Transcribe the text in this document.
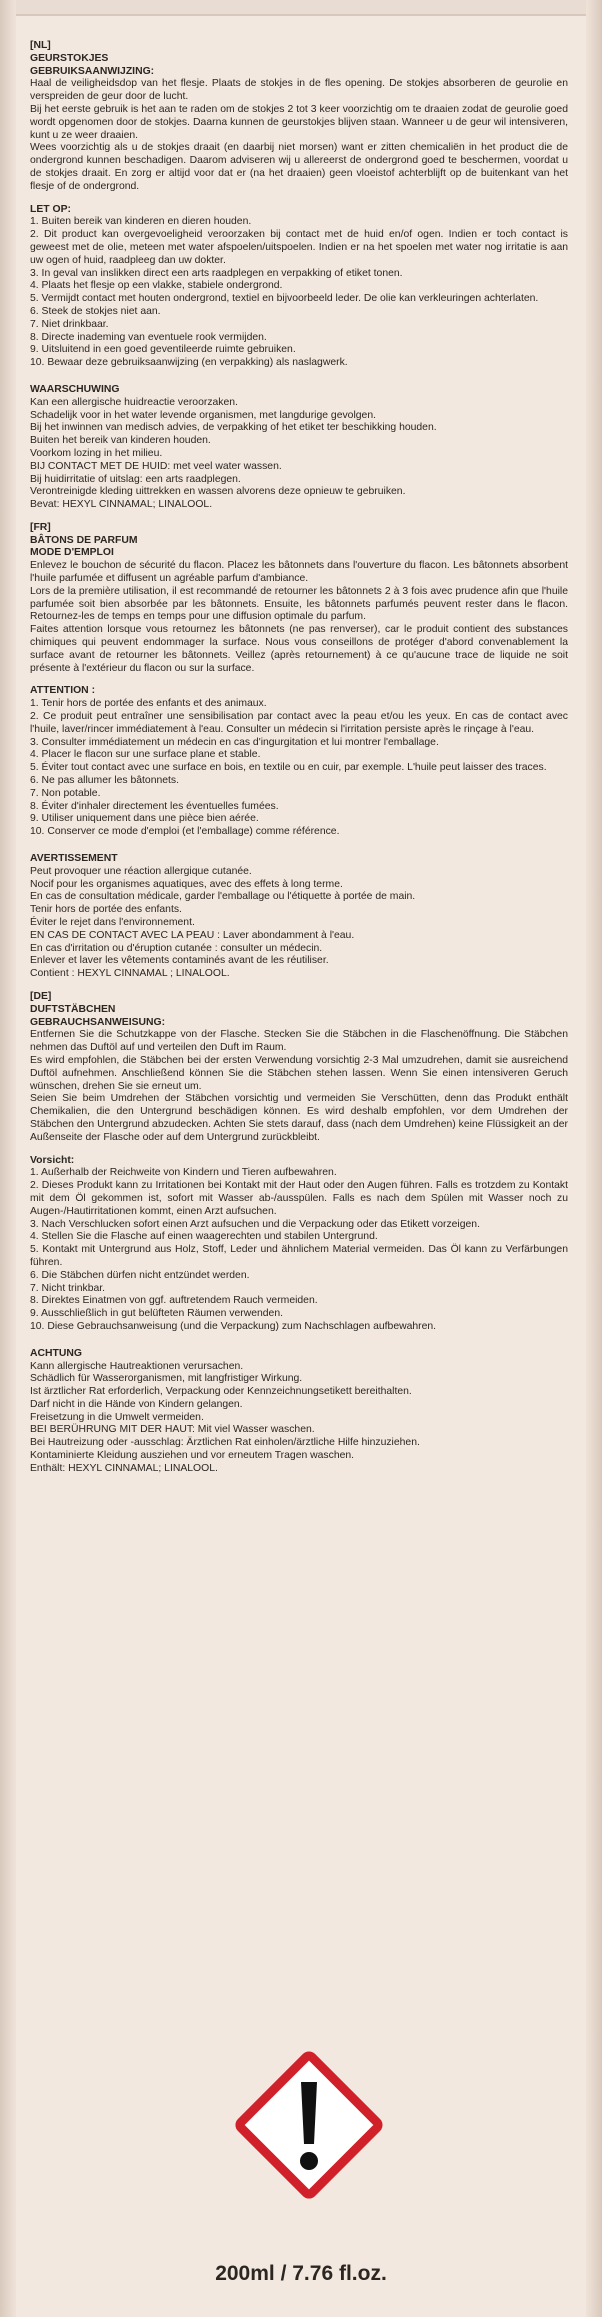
[NL]
GEURSTOKJES
GEBRUIKSAANWIJZING:

Haal de veiligheidsdop van het flesje. Plaats de stokjes in de fles opening. De stokjes absorberen de geurolie en verspreiden de geur door de lucht.

Bij het eerste gebruik is het aan te raden om de stokjes 2 tot 3 keer voorzichtig om te draaien zodat de geurolie goed wordt opgenomen door de stokjes. Daarna kunnen de geurstokjes blijven staan. Wanneer u de geur wil intensiveren, kunt u ze weer draaien.

Wees voorzichtig als u de stokjes draait (en daarbij niet morsen) want er zitten chemicaliën in het product die de ondergrond kunnen beschadigen. Daarom adviseren wij u allereerst de ondergrond goed te beschermen, voordat u de stokjes draait. En zorg er altijd voor dat er (na het draaien) geen vloeistof achterblijft op de buitenkant van het flesje of de ondergrond.

LET OP:

1. Buiten bereik van kinderen en dieren houden.

2. Dit product kan overgevoeligheid veroorzaken bij contact met de huid en/of ogen. Indien er toch contact is geweest met de olie, meteen met water afspoelen/uitspoelen. Indien er na het spoelen met water nog irritatie is aan uw ogen of huid, raadpleeg dan uw dokter.

3. In geval van inslikken direct een arts raadplegen en verpakking of etiket tonen.

4. Plaats het flesje op een vlakke, stabiele ondergrond.

5. Vermijdt contact met houten ondergrond, textiel en bijvoorbeeld leder. De olie kan verkleuringen achterlaten.

6. Steek de stokjes niet aan.

7. Niet drinkbaar.

8. Directe inademing van eventuele rook vermijden.

9. Uitsluitend in een goed geventileerde ruimte gebruiken.

10. Bewaar deze gebruiksaanwijzing (en verpakking) als naslagwerk.

WAARSCHUWING

Kan een allergische huidreactie veroorzaken.

Schadelijk voor in het water levende organismen, met langdurige gevolgen.

Bij het inwinnen van medisch advies, de verpakking of het etiket ter beschikking houden.

Buiten het bereik van kinderen houden.

Voorkom lozing in het milieu.

BIJ CONTACT MET DE HUID: met veel water wassen.

Bij huidirritatie of uitslag: een arts raadplegen.

Verontreinigde kleding uittrekken en wassen alvorens deze opnieuw te gebruiken.

Bevat: HEXYL CINNAMAL; LINALOOL.

[FR]
BÂTONS DE PARFUM
MODE D'EMPLOI

Enlevez le bouchon de sécurité du flacon. Placez les bâtonnets dans l'ouverture du flacon. Les bâtonnets absorbent l'huile parfumée et diffusent un agréable parfum d'ambiance.

Lors de la première utilisation, il est recommandé de retourner les bâtonnets 2 à 3 fois avec prudence afin que l'huile parfumée soit bien absorbée par les bâtonnets. Ensuite, les bâtonnets parfumés peuvent rester dans le flacon. Retournez-les de temps en temps pour une diffusion optimale du parfum.

Faites attention lorsque vous retournez les bâtonnets (ne pas renverser), car le produit contient des substances chimiques qui peuvent endommager la surface. Nous vous conseillons de protéger d'abord convenablement la surface avant de retourner les bâtonnets. Veillez (après retournement) à ce qu'aucune trace de liquide ne soit présente à l'extérieur du flacon ou sur la surface.

ATTENTION :

1. Tenir hors de portée des enfants et des animaux.

2. Ce produit peut entraîner une sensibilisation par contact avec la peau et/ou les yeux. En cas de contact avec l'huile, laver/rincer immédiatement à l'eau. Consulter un médecin si l'irritation persiste après le rinçage à l'eau.

3. Consulter immédiatement un médecin en cas d'ingurgitation et lui montrer l'emballage.

4. Placer le flacon sur une surface plane et stable.

5. Éviter tout contact avec une surface en bois, en textile ou en cuir, par exemple. L'huile peut laisser des traces.

6. Ne pas allumer les bâtonnets.

7. Non potable.

8. Éviter d'inhaler directement les éventuelles fumées.

9. Utiliser uniquement dans une pièce bien aérée.

10. Conserver ce mode d'emploi (et l'emballage) comme référence.

AVERTISSEMENT

Peut provoquer une réaction allergique cutanée.

Nocif pour les organismes aquatiques, avec des effets à long terme.

En cas de consultation médicale, garder l'emballage ou l'étiquette à portée de main.

Tenir hors de portée des enfants.

Éviter le rejet dans l'environnement.

EN CAS DE CONTACT AVEC LA PEAU : Laver abondamment à l'eau.

En cas d'irritation ou d'éruption cutanée : consulter un médecin.

Enlever et laver les vêtements contaminés avant de les réutiliser.

Contient : HEXYL CINNAMAL ; LINALOOL.

[DE]
DUFTSTÄBCHEN
GEBRAUCHSANWEISUNG:

Entfernen Sie die Schutzkappe von der Flasche. Stecken Sie die Stäbchen in die Flaschenöffnung. Die Stäbchen nehmen das Duftöl auf und verteilen den Duft im Raum.

Es wird empfohlen, die Stäbchen bei der ersten Verwendung vorsichtig 2-3 Mal umzudrehen, damit sie ausreichend Duftöl aufnehmen. Anschließend können Sie die Stäbchen stehen lassen. Wenn Sie einen intensiveren Geruch wünschen, drehen Sie sie erneut um.

Seien Sie beim Umdrehen der Stäbchen vorsichtig und vermeiden Sie Verschütten, denn das Produkt enthält Chemikalien, die den Untergrund beschädigen können. Es wird deshalb empfohlen, vor dem Umdrehen der Stäbchen den Untergrund abzudecken. Achten Sie stets darauf, dass (nach dem Umdrehen) keine Flüssigkeit an der Außenseite der Flasche oder auf dem Untergrund zurückbleibt.

Vorsicht:

1. Außerhalb der Reichweite von Kindern und Tieren aufbewahren.

2. Dieses Produkt kann zu Irritationen bei Kontakt mit der Haut oder den Augen führen. Falls es trotzdem zu Kontakt mit dem Öl gekommen ist, sofort mit Wasser ab-/ausspülen. Falls es nach dem Spülen mit Wasser noch zu Augen-/Hautirritationen kommt, einen Arzt aufsuchen.

3. Nach Verschlucken sofort einen Arzt aufsuchen und die Verpackung oder das Etikett vorzeigen.

4. Stellen Sie die Flasche auf einen waagerechten und stabilen Untergrund.

5. Kontakt mit Untergrund aus Holz, Stoff, Leder und ähnlichem Material vermeiden. Das Öl kann zu Verfärbungen führen.

6. Die Stäbchen dürfen nicht entzündet werden.

7. Nicht trinkbar.

8. Direktes Einatmen von ggf. auftretendem Rauch vermeiden.

9. Ausschließlich in gut belüfteten Räumen verwenden.

10. Diese Gebrauchsanweisung (und die Verpackung) zum Nachschlagen aufbewahren.

ACHTUNG

Kann allergische Hautreaktionen verursachen.

Schädlich für Wasserorganismen, mit langfristiger Wirkung.

Ist ärztlicher Rat erforderlich, Verpackung oder Kennzeichnungsetikett bereithalten.

Darf nicht in die Hände von Kindern gelangen.

Freisetzung in die Umwelt vermeiden.

BEI BERÜHRUNG MIT DER HAUT: Mit viel Wasser waschen.

Bei Hautreizung oder -ausschlag: Ärztlichen Rat einholen/ärztliche Hilfe hinzuziehen.

Kontaminierte Kleidung ausziehen und vor erneutem Tragen waschen.

Enthält: HEXYL CINNAMAL; LINALOOL.

200ml / 7.76 fl.oz.
